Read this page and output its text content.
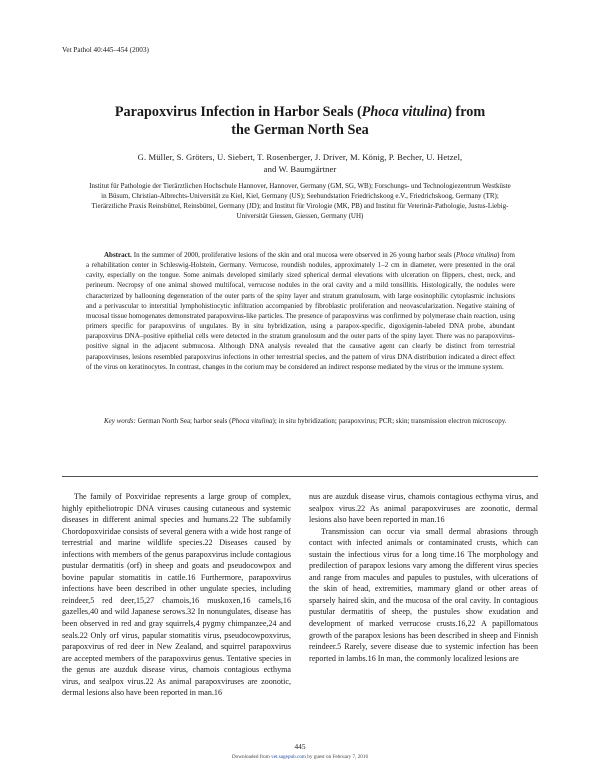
Vet Pathol 40:445–454 (2003)
Parapoxvirus Infection in Harbor Seals (Phoca vitulina) from
the German North Sea
G. Müller, S. Gröters, U. Siebert, T. Rosenberger, J. Driver, M. König, P. Becher, U. Hetzel,
and W. Baumgärtner
Institut für Pathologie der Tierärztlichen Hochschule Hannover, Hannover, Germany (GM, SG, WB); Forschungs- und Technologiezentrum Westküste in Büsum, Christian-Albrechts-Universität zu Kiel, Kiel, Germany (US); Seehundstation Friedrichskoog e.V., Friedrichskoog, Germany (TR); Tierärztliche Praxis Reinsbüttel, Reinsbüttel, Germany (JD); and Institut für Virologie (MK, PB) and Institut für Veterinär-Pathologie, Justus-Liebig-Universität Giessen, Giessen, Germany (UH)
Abstract. In the summer of 2000, proliferative lesions of the skin and oral mucosa were observed in 26 young harbor seals (Phoca vitulina) from a rehabilitation center in Schleswig-Holstein, Germany. Verrucose, roundish nodules, approximately 1–2 cm in diameter, were presented in the oral cavity, especially on the tongue. Some animals developed similarly sized spherical dermal elevations with ulceration on flippers, chest, neck, and perineum. Necropsy of one animal showed multifocal, verrucose nodules in the oral cavity and a mild tonsillitis. Histologically, the nodules were characterized by ballooning degeneration of the outer parts of the spiny layer and stratum granulosum, with large eosinophilic cytoplasmic inclusions and a perivascular to interstitial lymphohistiocytic infiltration accompanied by fibroblastic proliferation and neovascularization. Negative staining of mucosal tissue homogenates demonstrated parapoxvirus-like particles. The presence of parapoxvirus was confirmed by polymerase chain reaction, using primers specific for parapoxvirus of ungulates. By in situ hybridization, using a parapox-specific, digoxigenin-labeled DNA probe, abundant parapoxvirus DNA–positive epithelial cells were detected in the stratum granulosum and the outer parts of the spiny layer. There was no parapoxvirus-positive signal in the adjacent submucosa. Although DNA analysis revealed that the causative agent can clearly be distinct from terrestrial parapoxviruses, lesions resembled parapoxvirus infections in other terrestrial species, and the pattern of virus DNA distribution indicated a direct effect of the virus on keratinocytes. In contrast, changes in the corium may be considered an indirect response mediated by the virus or the immune system.
Key words: German North Sea; harbor seals (Phoca vitulina); in situ hybridization; parapoxvirus; PCR; skin; transmission electron microscopy.

The family of Poxviridae represents a large group of complex, highly epitheliotropic DNA viruses causing cutaneous and systemic diseases in different animal species and humans.22 The subfamily Chordopoxviridae consists of several genera with a wide host range of terrestrial and marine wildlife species.22 Diseases caused by infections with members of the genus parapoxvirus include contagious pustular dermatitis (orf) in sheep and goats and pseudocowpox and bovine papular stomatitis in cattle.16 Furthermore, parapoxvirus infections have been described in other ungulate species, including reindeer,5 red deer,15,27 chamois,16 muskoxen,16 camels,16 gazelles,40 and wild Japanese serows.32 In nonungulates, disease has been observed in red and gray squirrels,4 pygmy chimpanzee,24 and seals.22 Only orf virus, papular stomatitis virus, pseudocowpoxvirus, parapoxvirus of red deer in New Zealand, and squirrel parapoxvirus are accepted members of the parapoxvirus genus. Tentative species in the genus are auzduk disease virus, chamois contagious ecthyma virus, and sealpox virus.22 As animal parapoxviruses are zoonotic, dermal lesions also have been reported in man.16

nus are auzduk disease virus, chamois contagious ecthyma virus, and sealpox virus.22 As animal parapoxviruses are zoonotic, dermal lesions also have been reported in man.16

Transmission can occur via small dermal abrasions through contact with infected animals or contaminated crusts, which can sustain the infectious virus for a long time.16 The morphology and predilection of parapox lesions vary among the different virus species and range from macules and papules to pustules, with ulcerations of the skin of head, extremities, mammary gland or other areas of sparsely haired skin, and the mucosa of the oral cavity. In contagious pustular dermatitis of sheep, the pustules show exudation and development of marked verrucose crusts.16,22 A papillomatous growth of the parapox lesions has been described in sheep and Finnish reindeer.5 Rarely, severe disease due to systemic infection has been reported in lambs.16 In man, the commonly localized lesions are

445
Downloaded from vet.sagepub.com by guest on February 7, 2016
